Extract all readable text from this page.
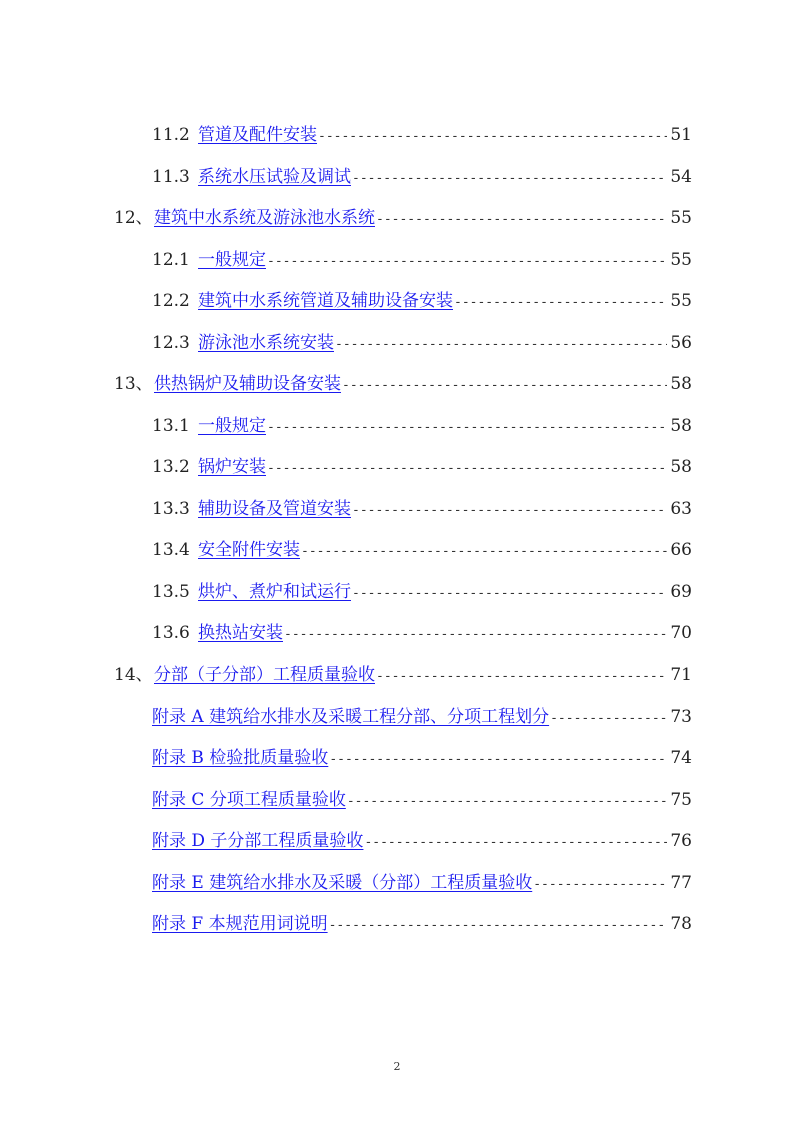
11.2 管道及配件安装 -----	51
11.3 系统水压试验及调试 -----	54
12、 建筑中水系统及游泳池水系统 -----	55
12.1 一般规定 -----	55
12.2 建筑中水系统管道及辅助设备安装 -----	55
12.3 游泳池水系统安装 -----	56
13、 供热锅炉及辅助设备安装 -----	58
13.1 一般规定 -----	58
13.2 锅炉安装 -----	58
13.3 辅助设备及管道安装 -----	63
13.4 安全附件安装 -----	66
13.5 烘炉、煮炉和试运行 -----	69
13.6 换热站安装 -----	70
14、 分部（子分部）工程质量验收 -----	71
附录 A 建筑给水排水及采暖工程分部、分项工程划分 -----	73
附录 B 检验批质量验收 -----	74
附录 C 分项工程质量验收 -----	75
附录 D 子分部工程质量验收 -----	76
附录 E 建筑给水排水及采暖（分部）工程质量验收 -----	77
附录 F 本规范用词说明 -----	78
2
